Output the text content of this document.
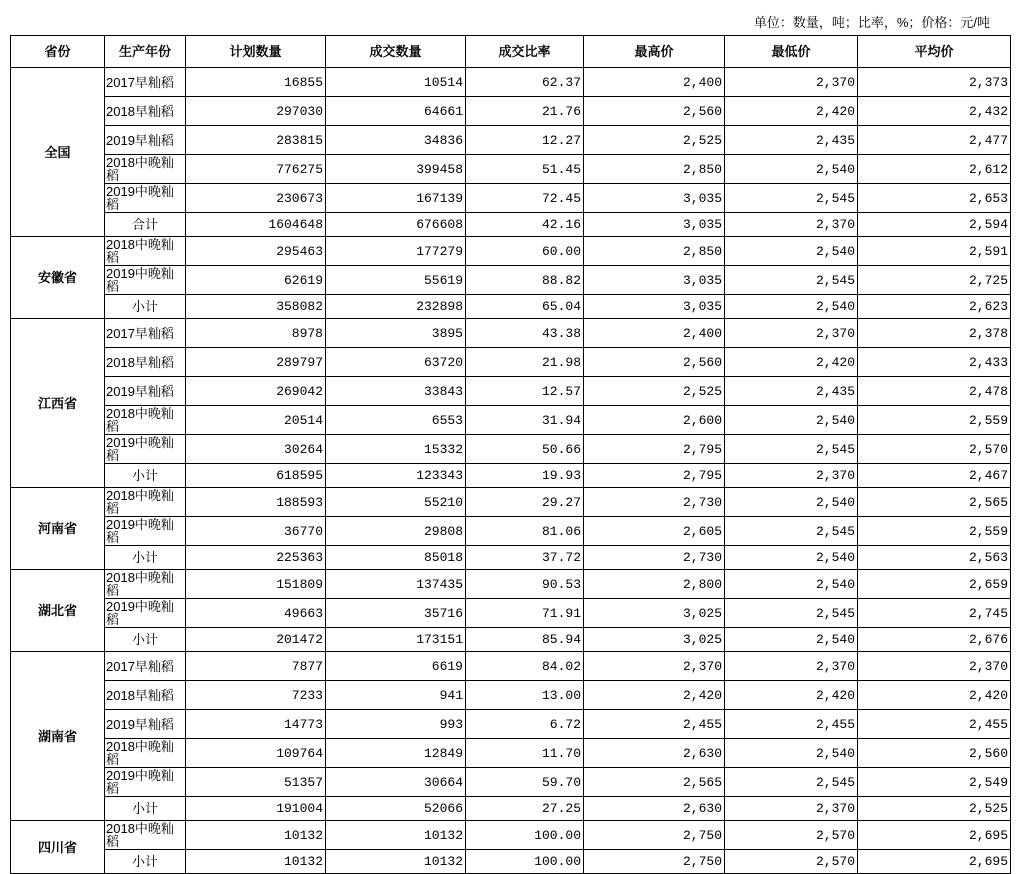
单位：数量，吨；比率，%；价格：元/吨
省份	生产年份	计划数量	成交数量	成交比率	最高价	最低价	平均价
全国	2017早籼稻	16855	10514	62.37	2,400	2,370	2,373
	2018早籼稻	297030	64661	21.76	2,560	2,420	2,432
	2019早籼稻	283815	34836	12.27	2,525	2,435	2,477
	2018中晚籼稻	776275	399458	51.45	2,850	2,540	2,612
	2019中晚籼稻	230673	167139	72.45	3,035	2,545	2,653
	合计	1604648	676608	42.16	3,035	2,370	2,594
安徽省	2018中晚籼稻	295463	177279	60.00	2,850	2,540	2,591
	2019中晚籼稻	62619	55619	88.82	3,035	2,545	2,725
	小计	358082	232898	65.04	3,035	2,540	2,623
江西省	2017早籼稻	8978	3895	43.38	2,400	2,370	2,378
	2018早籼稻	289797	63720	21.98	2,560	2,420	2,433
	2019早籼稻	269042	33843	12.57	2,525	2,435	2,478
	2018中晚籼稻	20514	6553	31.94	2,600	2,540	2,559
	2019中晚籼稻	30264	15332	50.66	2,795	2,545	2,570
	小计	618595	123343	19.93	2,795	2,370	2,467
河南省	2018中晚籼稻	188593	55210	29.27	2,730	2,540	2,565
	2019中晚籼稻	36770	29808	81.06	2,605	2,545	2,559
	小计	225363	85018	37.72	2,730	2,540	2,563
湖北省	2018中晚籼稻	151809	137435	90.53	2,800	2,540	2,659
	2019中晚籼稻	49663	35716	71.91	3,025	2,545	2,745
	小计	201472	173151	85.94	3,025	2,540	2,676
湖南省	2017早籼稻	7877	6619	84.02	2,370	2,370	2,370
	2018早籼稻	7233	941	13.00	2,420	2,420	2,420
	2019早籼稻	14773	993	6.72	2,455	2,455	2,455
	2018中晚籼稻	109764	12849	11.70	2,630	2,540	2,560
	2019中晚籼稻	51357	30664	59.70	2,565	2,545	2,549
	小计	191004	52066	27.25	2,630	2,370	2,525
四川省	2018中晚籼稻	10132	10132	100.00	2,750	2,570	2,695
	小计	10132	10132	100.00	2,750	2,570	2,695
